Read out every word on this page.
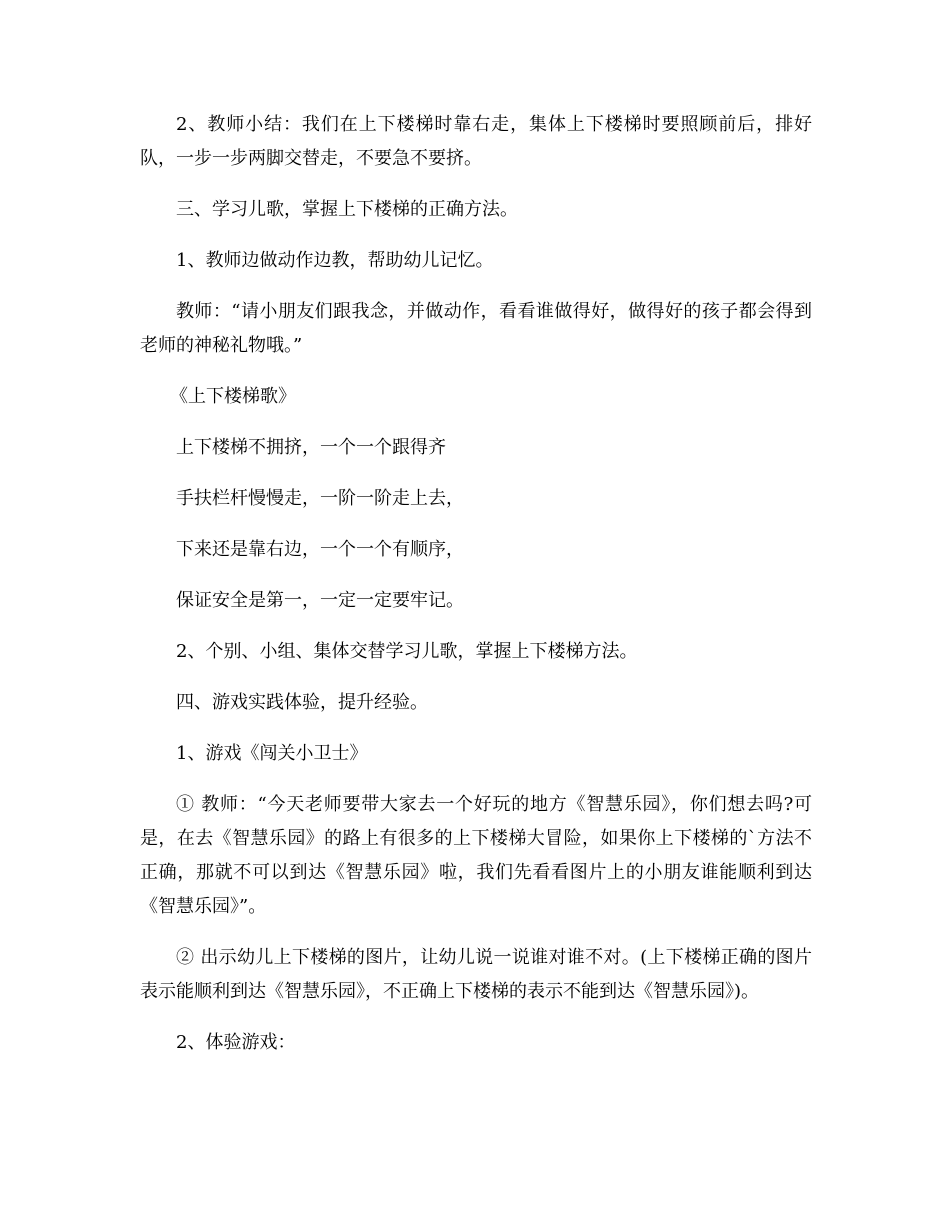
2、教师小结：我们在上下楼梯时靠右走，集体上下楼梯时要照顾前后，排好队，一步一步两脚交替走，不要急不要挤。

三、学习儿歌，掌握上下楼梯的正确方法。

1、教师边做动作边教，帮助幼儿记忆。

教师：“请小朋友们跟我念，并做动作，看看谁做得好，做得好的孩子都会得到老师的神秘礼物哦。”

《上下楼梯歌》

上下楼梯不拥挤，一个一个跟得齐

手扶栏杆慢慢走，一阶一阶走上去，

下来还是靠右边，一个一个有顺序，

保证安全是第一，一定一定要牢记。

2、个别、小组、集体交替学习儿歌，掌握上下楼梯方法。

四、游戏实践体验，提升经验。

1、游戏《闯关小卫士》

① 教师：“今天老师要带大家去一个好玩的地方《智慧乐园》，你们想去吗?可是，在去《智慧乐园》的路上有很多的上下楼梯大冒险，如果你上下楼梯的`方法不正确，那就不可以到达《智慧乐园》啦，我们先看看图片上的小朋友谁能顺利到达《智慧乐园》”。

② 出示幼儿上下楼梯的图片，让幼儿说一说谁对谁不对。(上下楼梯正确的图片表示能顺利到达《智慧乐园》，不正确上下楼梯的表示不能到达《智慧乐园》)。

2、体验游戏：
